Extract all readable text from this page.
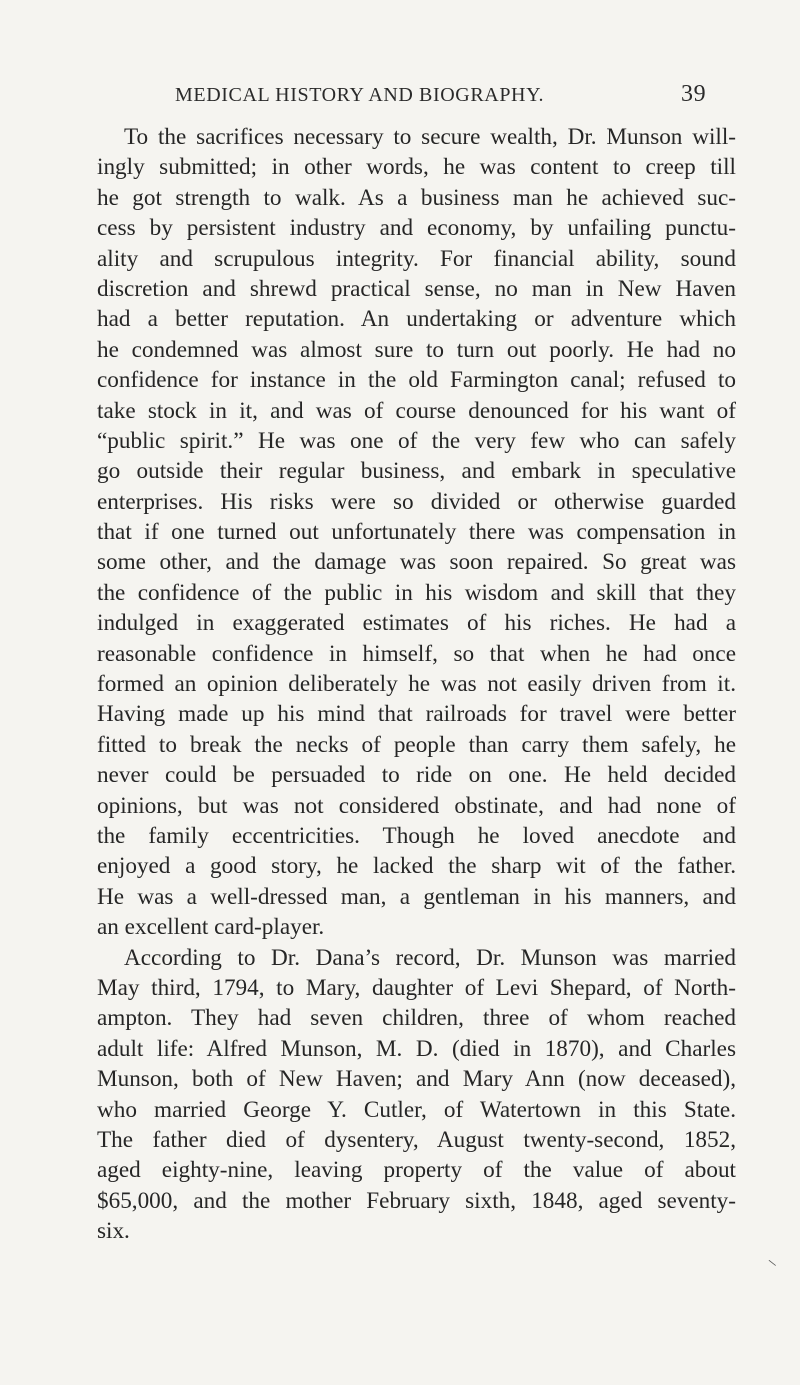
MEDICAL HISTORY AND BIOGRAPHY.	39
To the sacrifices necessary to secure wealth, Dr. Munson will-
ingly submitted; in other words, he was content to creep till
he got strength to walk. As a business man he achieved suc-
cess by persistent industry and economy, by unfailing punctu-
ality and scrupulous integrity. For financial ability, sound
discretion and shrewd practical sense, no man in New Haven
had a better reputation. An undertaking or adventure which
he condemned was almost sure to turn out poorly. He had no
confidence for instance in the old Farmington canal; refused to
take stock in it, and was of course denounced for his want of
“public spirit.” He was one of the very few who can safely
go outside their regular business, and embark in speculative
enterprises. His risks were so divided or otherwise guarded
that if one turned out unfortunately there was compensation in
some other, and the damage was soon repaired. So great was
the confidence of the public in his wisdom and skill that they
indulged in exaggerated estimates of his riches. He had a
reasonable confidence in himself, so that when he had once
formed an opinion deliberately he was not easily driven from it.
Having made up his mind that railroads for travel were better
fitted to break the necks of people than carry them safely, he
never could be persuaded to ride on one. He held decided
opinions, but was not considered obstinate, and had none of
the family eccentricities. Though he loved anecdote and
enjoyed a good story, he lacked the sharp wit of the father.
He was a well-dressed man, a gentleman in his manners, and
an excellent card-player.
According to Dr. Dana’s record, Dr. Munson was married
May third, 1794, to Mary, daughter of Levi Shepard, of North-
ampton. They had seven children, three of whom reached
adult life: Alfred Munson, M. D. (died in 1870), and Charles
Munson, both of New Haven; and Mary Ann (now deceased),
who married George Y. Cutler, of Watertown in this State.
The father died of dysentery, August twenty-second, 1852,
aged eighty-nine, leaving property of the value of about
$65,000, and the mother February sixth, 1848, aged seventy-
six.
\
